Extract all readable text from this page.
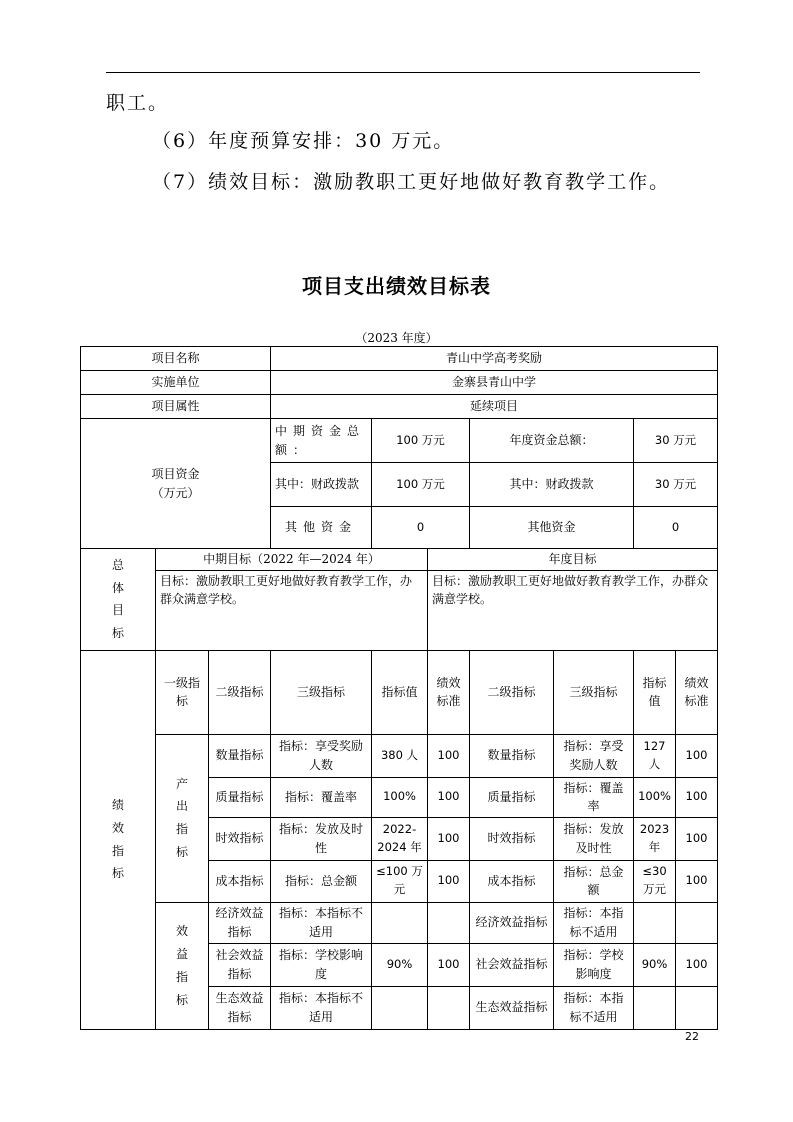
职工。
（6）年度预算安排：30 万元。
（7）绩效目标：激励教职工更好地做好教育教学工作。
项目支出绩效目标表
（2023 年度）
项目名称			青山中学高考奖励						
实施单位			金寨县青山中学						
项目属性			延续项目						

项目资金
（万元）			中期资金总额：	100 万元		年度资金总额：		30 万元	
			其中：财政拨款	100 万元		其中：财政拨款		30 万元	
			其他资金	0		其他资金		0	

总体目标	中期目标（2022 年—2024 年）				年度目标				
	目标：激励教职工更好地做好教育教学工作，办群众满意学校。				目标：激励教职工更好地做好教育教学工作，办群众满意学校。				

绩效指标	一级指标	二级指标	三级指标	指标值	绩效标准	二级指标	三级指标	指标值	绩效标准

	产出指标	数量指标	指标：享受奖励人数	380 人	100	数量指标	指标：享受奖励人数	127 人	100
		质量指标	指标：覆盖率	100%	100	质量指标	指标：覆盖率	100%	100
		时效指标	指标：发放及时性	2022-2024 年	100	时效指标	指标：发放及时性	2023 年	100
		成本指标	指标：总金额	≤100 万元	100	成本指标	指标：总金额	≤30 万元	100

	效益指标	经济效益指标	指标：本指标不适用			经济效益指标	指标：本指标不适用		
		社会效益指标	指标：学校影响度	90%	100	社会效益指标	指标：学校影响度	90%	100
		生态效益指标	指标：本指标不适用			生态效益指标	指标：本指标不适用		
22
